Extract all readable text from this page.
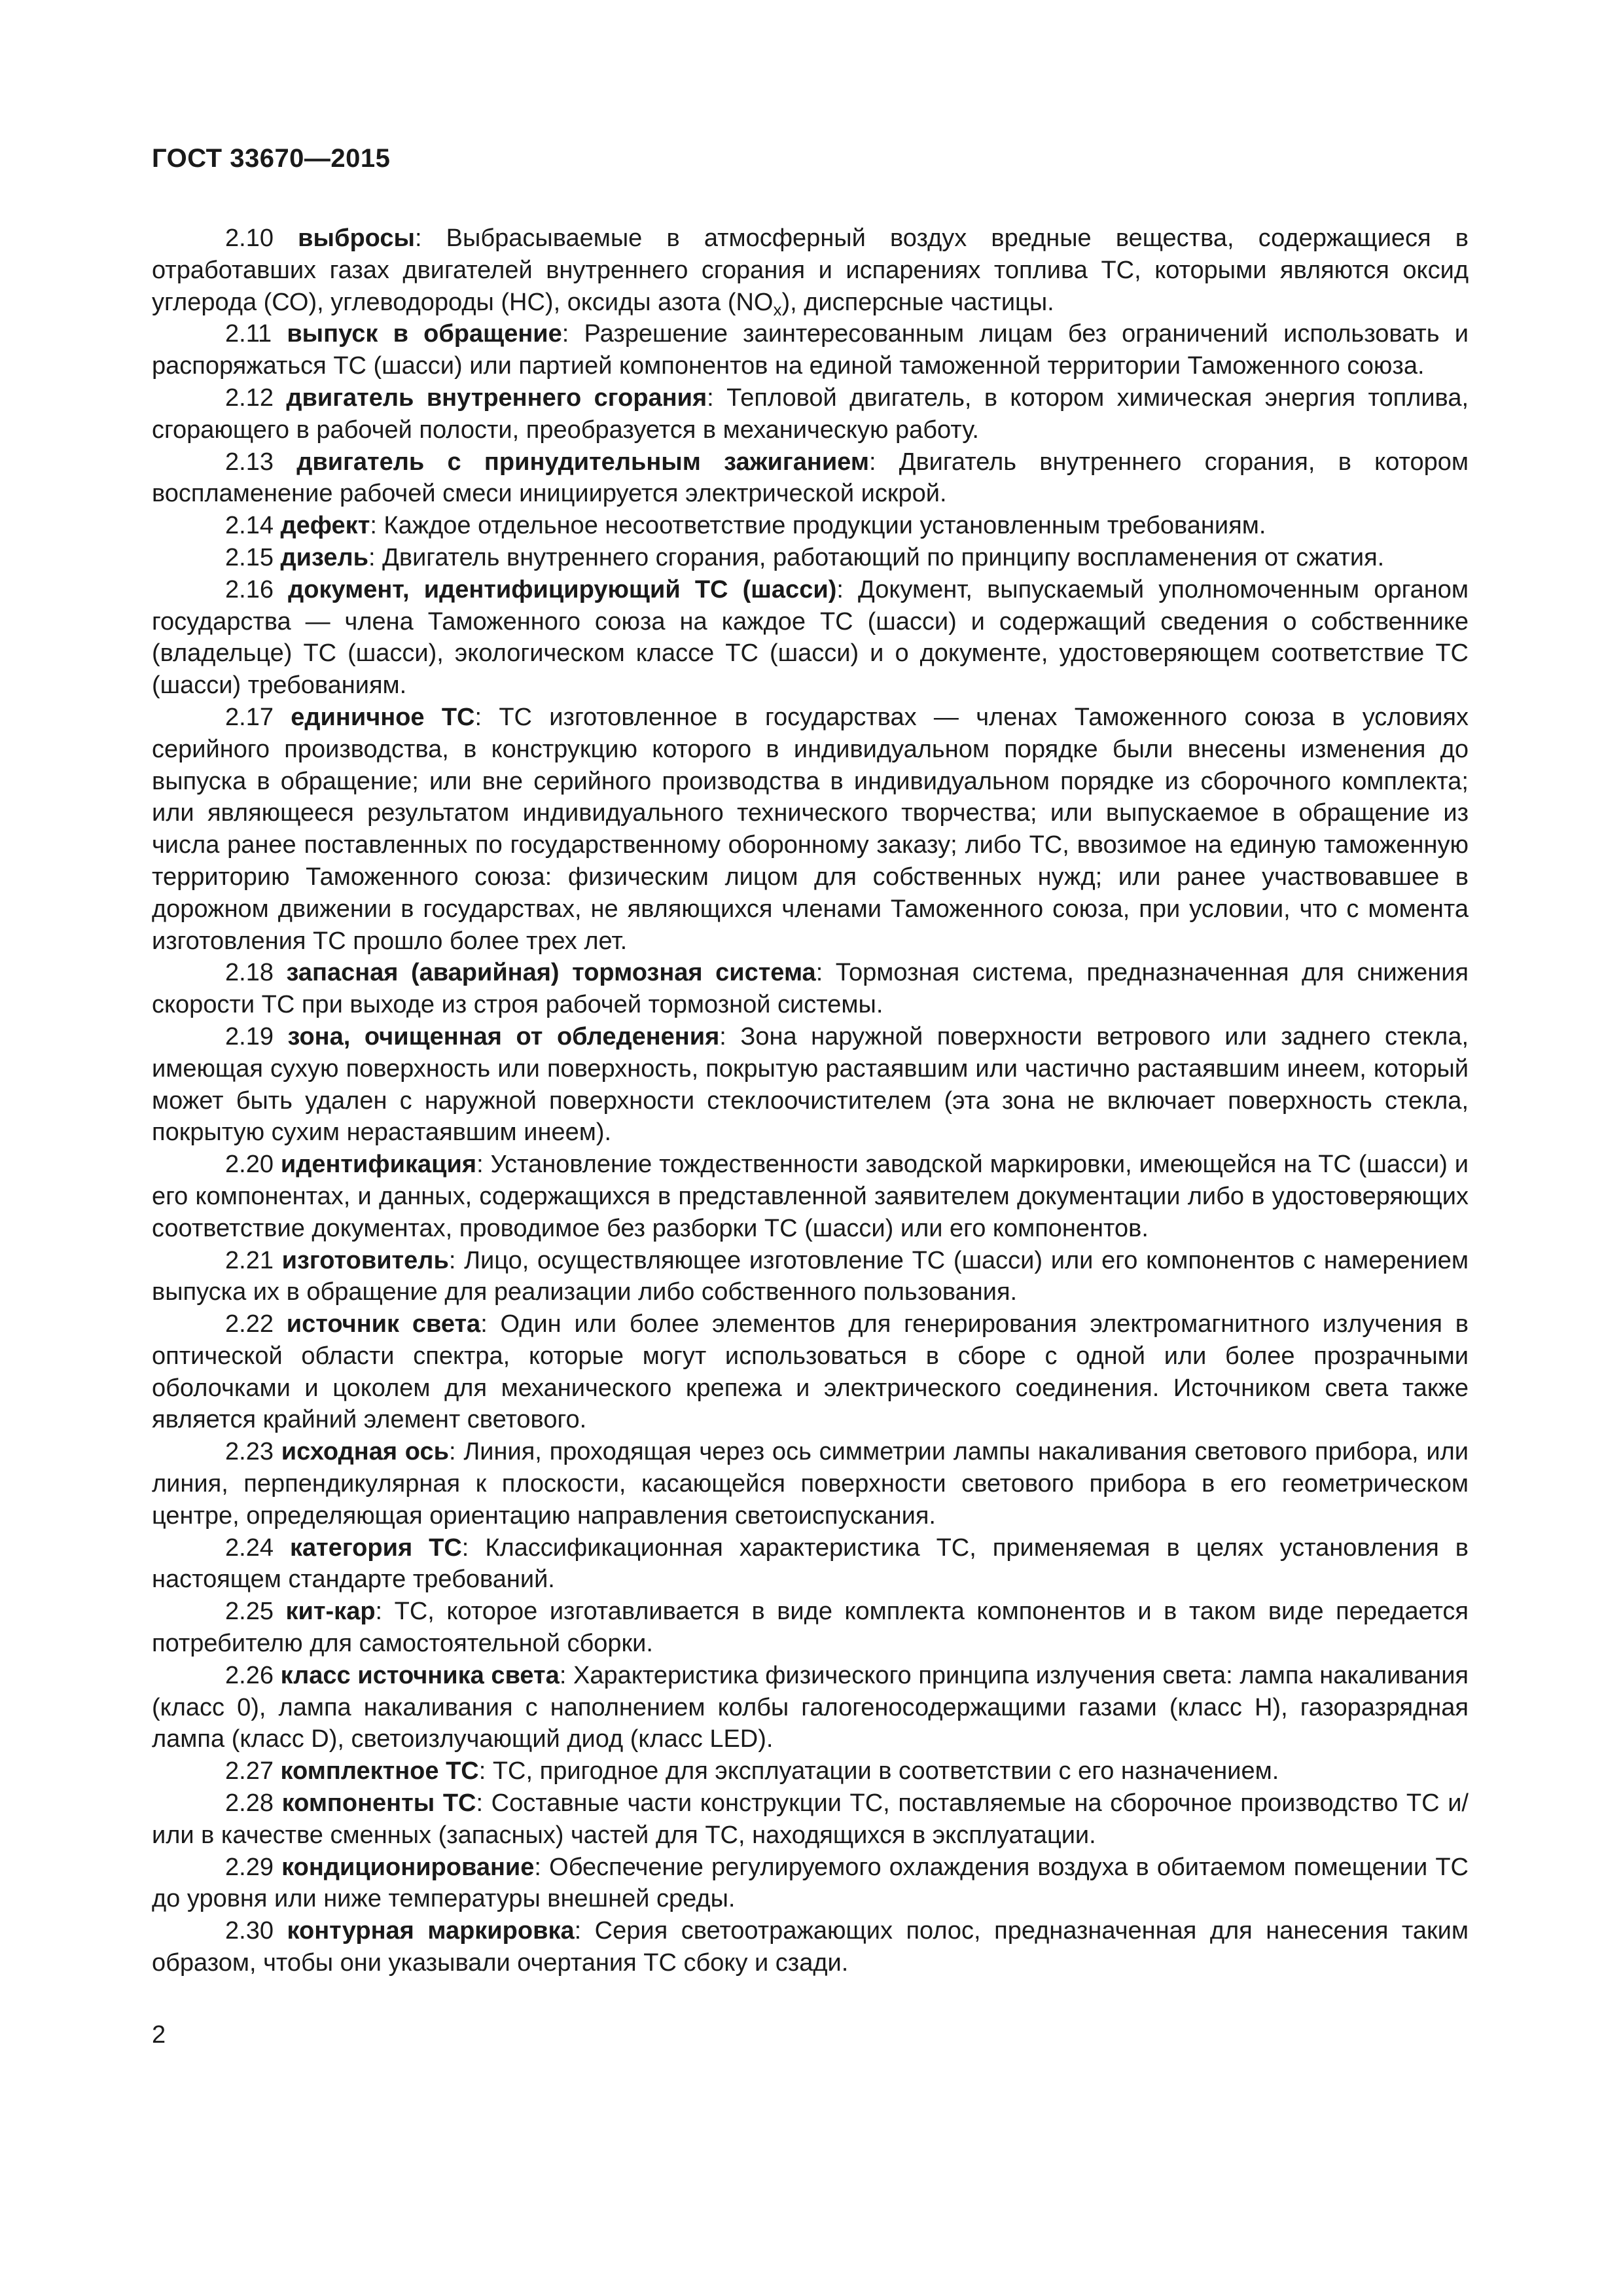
ГОСТ 33670—2015

2.10 выбросы: Выбрасываемые в атмосферный воздух вредные вещества, содержащиеся в отработавших газах двигателей внутреннего сгорания и испарениях топлива ТС, которыми являются оксид углерода (СО), углеводороды (НС), оксиды азота $(NO_x)$, дисперсные частицы.

2.11 выпуск в обращение: Разрешение заинтересованным лицам без ограничений использовать и распоряжаться ТС (шасси) или партией компонентов на единой таможенной территории Таможенного союза.

2.12 двигатель внутреннего сгорания: Тепловой двигатель, в котором химическая энергия топлива, сгорающего в рабочей полости, преобразуется в механическую работу.

2.13 двигатель с принудительным зажиганием: Двигатель внутреннего сгорания, в котором воспламенение рабочей смеси инициируется электрической искрой.

2.14 дефект: Каждое отдельное несоответствие продукции установленным требованиям.

2.15 дизель: Двигатель внутреннего сгорания, работающий по принципу воспламенения от сжатия.

2.16 документ, идентифицирующий ТС (шасси): Документ, выпускаемый уполномоченным органом государства — члена Таможенного союза на каждое ТС (шасси) и содержащий сведения о собственнике (владельце) ТС (шасси), экологическом классе ТС (шасси) и о документе, удостоверяющем соответствие ТС (шасси) требованиям.

2.17 единичное ТС: ТС изготовленное в государствах — членах Таможенного союза в условиях серийного производства, в конструкцию которого в индивидуальном порядке были внесены изменения до выпуска в обращение; или вне серийного производства в индивидуальном порядке из сборочного комплекта; или являющееся результатом индивидуального технического творчества; или выпускаемое в обращение из числа ранее поставленных по государственному оборонному заказу; либо ТС, ввозимое на единую таможенную территорию Таможенного союза: физическим лицом для собственных нужд; или ранее участвовавшее в дорожном движении в государствах, не являющихся членами Таможенного союза, при условии, что с момента изготовления ТС прошло более трех лет.

2.18 запасная (аварийная) тормозная система: Тормозная система, предназначенная для снижения скорости ТС при выходе из строя рабочей тормозной системы.

2.19 зона, очищенная от обледенения: Зона наружной поверхности ветрового или заднего стекла, имеющая сухую поверхность или поверхность, покрытую растаявшим или частично растаявшим инеем, который может быть удален с наружной поверхности стеклоочистителем (эта зона не включает поверхность стекла, покрытую сухим нерастаявшим инеем).

2.20 идентификация: Установление тождественности заводской маркировки, имеющейся на ТС (шасси) и его компонентах, и данных, содержащихся в представленной заявителем документации либо в удостоверяющих соответствие документах, проводимое без разборки ТС (шасси) или его компонентов.

2.21 изготовитель: Лицо, осуществляющее изготовление ТС (шасси) или его компонентов с намерением выпуска их в обращение для реализации либо собственного пользования.

2.22 источник света: Один или более элементов для генерирования электромагнитного излучения в оптической области спектра, которые могут использоваться в сборе с одной или более прозрачными оболочками и цоколем для механического крепежа и электрического соединения. Источником света также является крайний элемент светового.

2.23 исходная ось: Линия, проходящая через ось симметрии лампы накаливания светового прибора, или линия, перпендикулярная к плоскости, касающейся поверхности светового прибора в его геометрическом центре, определяющая ориентацию направления светоиспускания.

2.24 категория ТС: Классификационная характеристика ТС, применяемая в целях установления в настоящем стандарте требований.

2.25 кит-кар: ТС, которое изготавливается в виде комплекта компонентов и в таком виде передается потребителю для самостоятельной сборки.

2.26 класс источника света: Характеристика физического принципа излучения света: лампа накаливания (класс 0), лампа накаливания с наполнением колбы галогеносодержащими газами (класс Н), газоразрядная лампа (класс D), светоизлучающий диод (класс LED).

2.27 комплектное ТС: ТС, пригодное для эксплуатации в соответствии с его назначением.

2.28 компоненты ТС: Составные части конструкции ТС, поставляемые на сборочное производство ТС и/или в качестве сменных (запасных) частей для ТС, находящихся в эксплуатации.

2.29 кондиционирование: Обеспечение регулируемого охлаждения воздуха в обитаемом помещении ТС до уровня или ниже температуры внешней среды.

2.30 контурная маркировка: Серия светоотражающих полос, предназначенная для нанесения таким образом, чтобы они указывали очертания ТС сбоку и сзади.

2
